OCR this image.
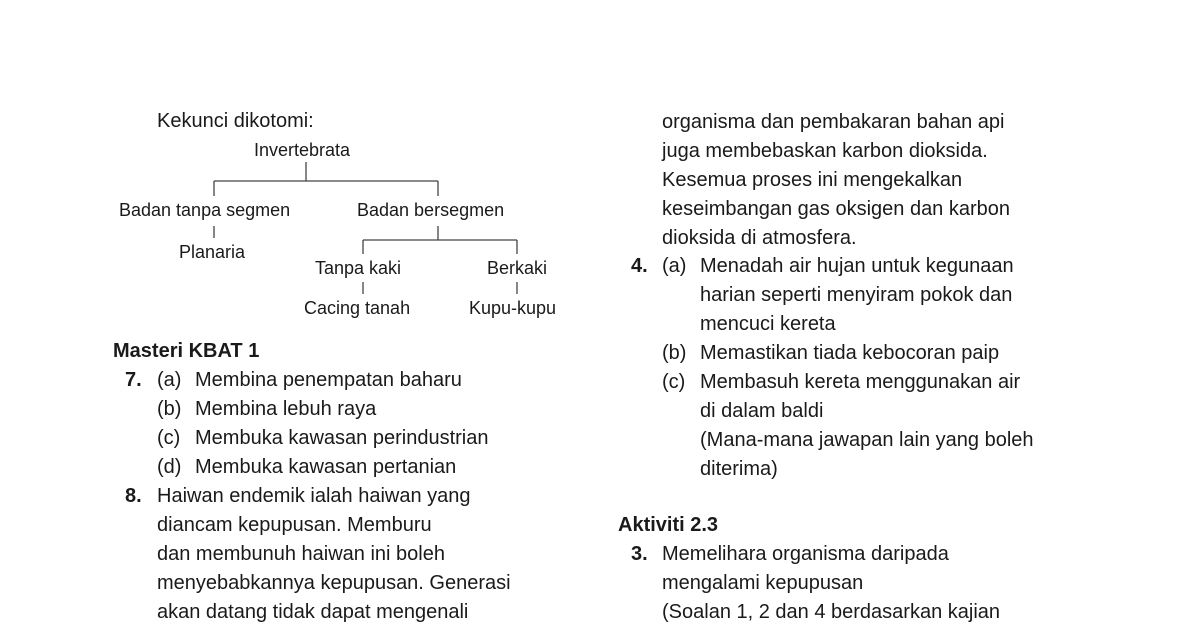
Kekunci dikotomi:
Invertebrata
Badan tanpa segmen	Badan bersegmen
Planaria
Tanpa kaki	Berkaki
Cacing tanah	Kupu-kupu
Masteri KBAT 1
7. (a) Membina penempatan baharu
(b) Membina lebuh raya
(c) Membuka kawasan perindustrian
(d) Membuka kawasan pertanian
8. Haiwan endemik ialah haiwan yang
diancam kepupusan. Memburu
dan membunuh haiwan ini boleh
menyebabkannya kepupusan. Generasi
akan datang tidak dapat mengenali
organisma dan pembakaran bahan api
juga membebaskan karbon dioksida.
Kesemua proses ini mengekalkan
keseimbangan gas oksigen dan karbon
dioksida di atmosfera.
4. (a) Menadah air hujan untuk kegunaan
harian seperti menyiram pokok dan
mencuci kereta
(b) Memastikan tiada kebocoran paip
(c) Membasuh kereta menggunakan air
di dalam baldi
(Mana-mana jawapan lain yang boleh
diterima)
Aktiviti 2.3
3. Memelihara organisma daripada
mengalami kepupusan
(Soalan 1, 2 dan 4 berdasarkan kajian
